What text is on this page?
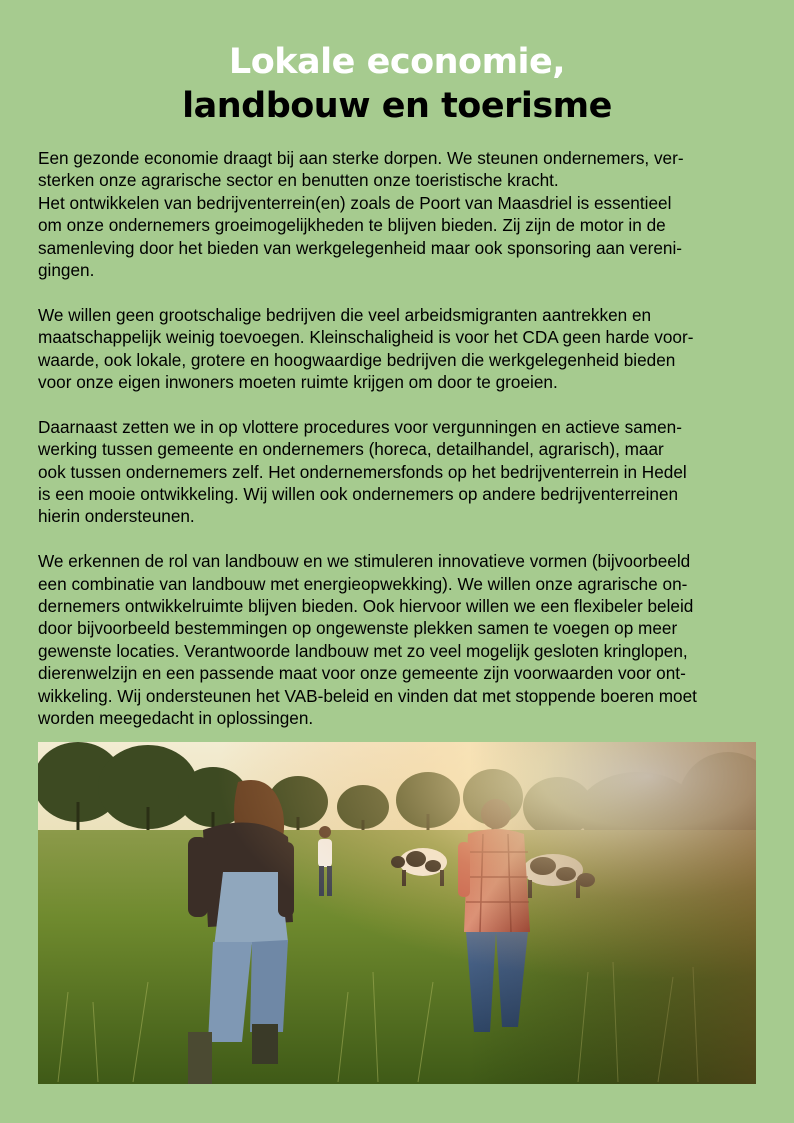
Lokale economie,
landbouw en toerisme

Een gezonde economie draagt bij aan sterke dorpen. We steunen ondernemers, ver-
sterken onze agrarische sector en benutten onze toeristische kracht.
Het ontwikkelen van bedrijventerrein(en) zoals de Poort van Maasdriel is essentieel
om onze ondernemers groeimogelijkheden te blijven bieden. Zij zijn de motor in de
samenleving door het bieden van werkgelegenheid maar ook sponsoring aan vereni-
gingen.

We willen geen grootschalige bedrijven die veel arbeidsmigranten aantrekken en
maatschappelijk weinig toevoegen. Kleinschaligheid is voor het CDA geen harde voor-
waarde, ook lokale, grotere en hoogwaardige bedrijven die werkgelegenheid bieden
voor onze eigen inwoners moeten ruimte krijgen om door te groeien.

Daarnaast zetten we in op vlottere procedures voor vergunningen en actieve samen-
werking tussen gemeente en ondernemers (horeca, detailhandel, agrarisch), maar
ook tussen ondernemers zelf. Het ondernemersfonds op het bedrijventerrein in Hedel
is een mooie ontwikkeling. Wij willen ook ondernemers op andere bedrijventerreinen
hierin ondersteunen.

We erkennen de rol van landbouw en we stimuleren innovatieve vormen (bijvoorbeeld
een combinatie van landbouw met energieopwekking). We willen onze agrarische on-
dernemers ontwikkelruimte blijven bieden. Ook hiervoor willen we een flexibeler beleid
door bijvoorbeeld bestemmingen op ongewenste plekken samen te voegen op meer
gewenste locaties. Verantwoorde landbouw met zo veel mogelijk gesloten kringlopen,
dierenwelzijn en een passende maat voor onze gemeente zijn voorwaarden voor ont-
wikkeling. Wij ondersteunen het VAB-beleid en vinden dat met stoppende boeren moet
worden meegedacht in oplossingen.
